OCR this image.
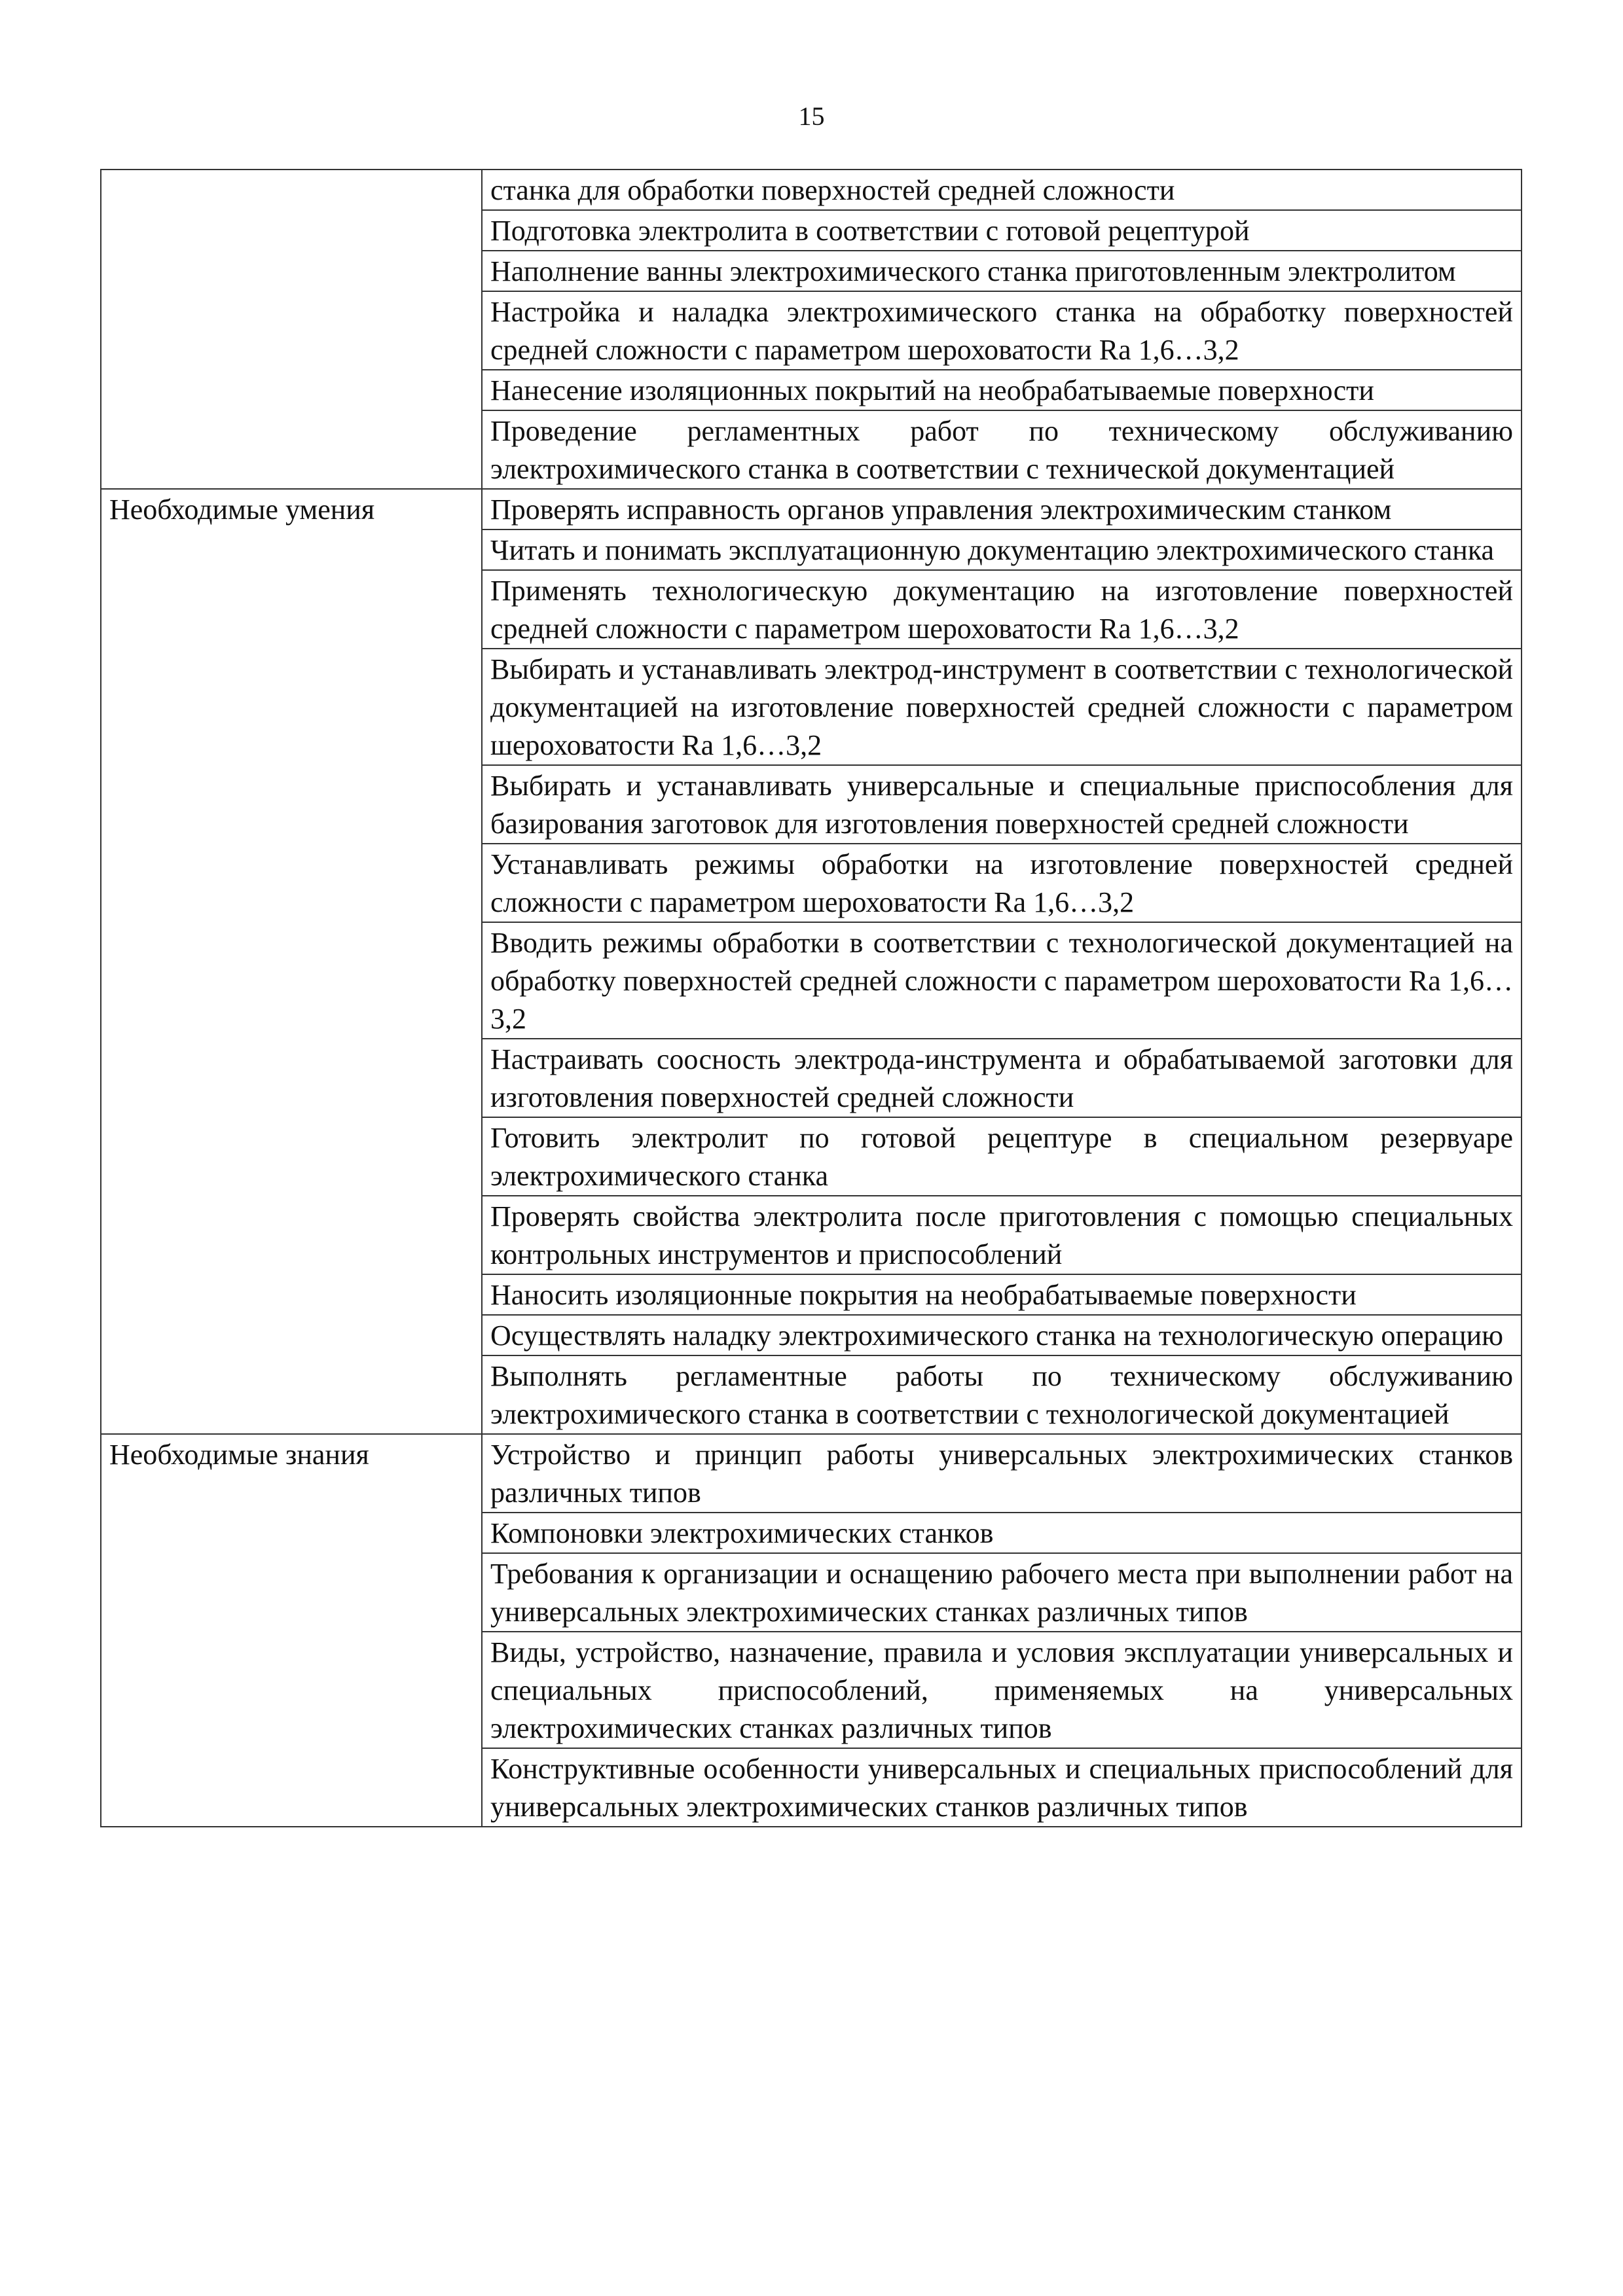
15
	станка для обработки поверхностей средней сложности
	Подготовка электролита в соответствии с готовой рецептурой
	Наполнение ванны электрохимического станка приготовленным электролитом
	Настройка и наладка электрохимического станка на обработку поверхностей средней сложности с параметром шероховатости Ra 1,6…3,2
	Нанесение изоляционных покрытий на необрабатываемые поверхности
	Проведение регламентных работ по техническому обслуживанию электрохимического станка в соответствии с технической документацией
Необходимые умения	Проверять исправность органов управления электрохимическим станком
	Читать и понимать эксплуатационную документацию электрохимического станка
	Применять технологическую документацию на изготовление поверхностей средней сложности с параметром шероховатости Ra 1,6…3,2
	Выбирать и устанавливать электрод-инструмент в соответствии с технологической документацией на изготовление поверхностей средней сложности с параметром шероховатости Ra 1,6…3,2
	Выбирать и устанавливать универсальные и специальные приспособления для базирования заготовок для изготовления поверхностей средней сложности
	Устанавливать режимы обработки на изготовление поверхностей средней сложности с параметром шероховатости Ra 1,6…3,2
	Вводить режимы обработки в соответствии с технологической документацией на обработку поверхностей средней сложности с параметром шероховатости Ra 1,6…3,2
	Настраивать соосность электрода-инструмента и обрабатываемой заготовки для изготовления поверхностей средней сложности
	Готовить электролит по готовой рецептуре в специальном резервуаре электрохимического станка
	Проверять свойства электролита после приготовления с помощью специальных контрольных инструментов и приспособлений
	Наносить изоляционные покрытия на необрабатываемые поверхности
	Осуществлять наладку электрохимического станка на технологическую операцию
	Выполнять регламентные работы по техническому обслуживанию электрохимического станка в соответствии с технологической документацией
Необходимые знания	Устройство и принцип работы универсальных электрохимических станков различных типов
	Компоновки электрохимических станков
	Требования к организации и оснащению рабочего места при выполнении работ на универсальных электрохимических станках различных типов
	Виды, устройство, назначение, правила и условия эксплуатации универсальных и специальных приспособлений, применяемых на универсальных электрохимических станках различных типов
	Конструктивные особенности универсальных и специальных приспособлений для универсальных электрохимических станков различных типов
